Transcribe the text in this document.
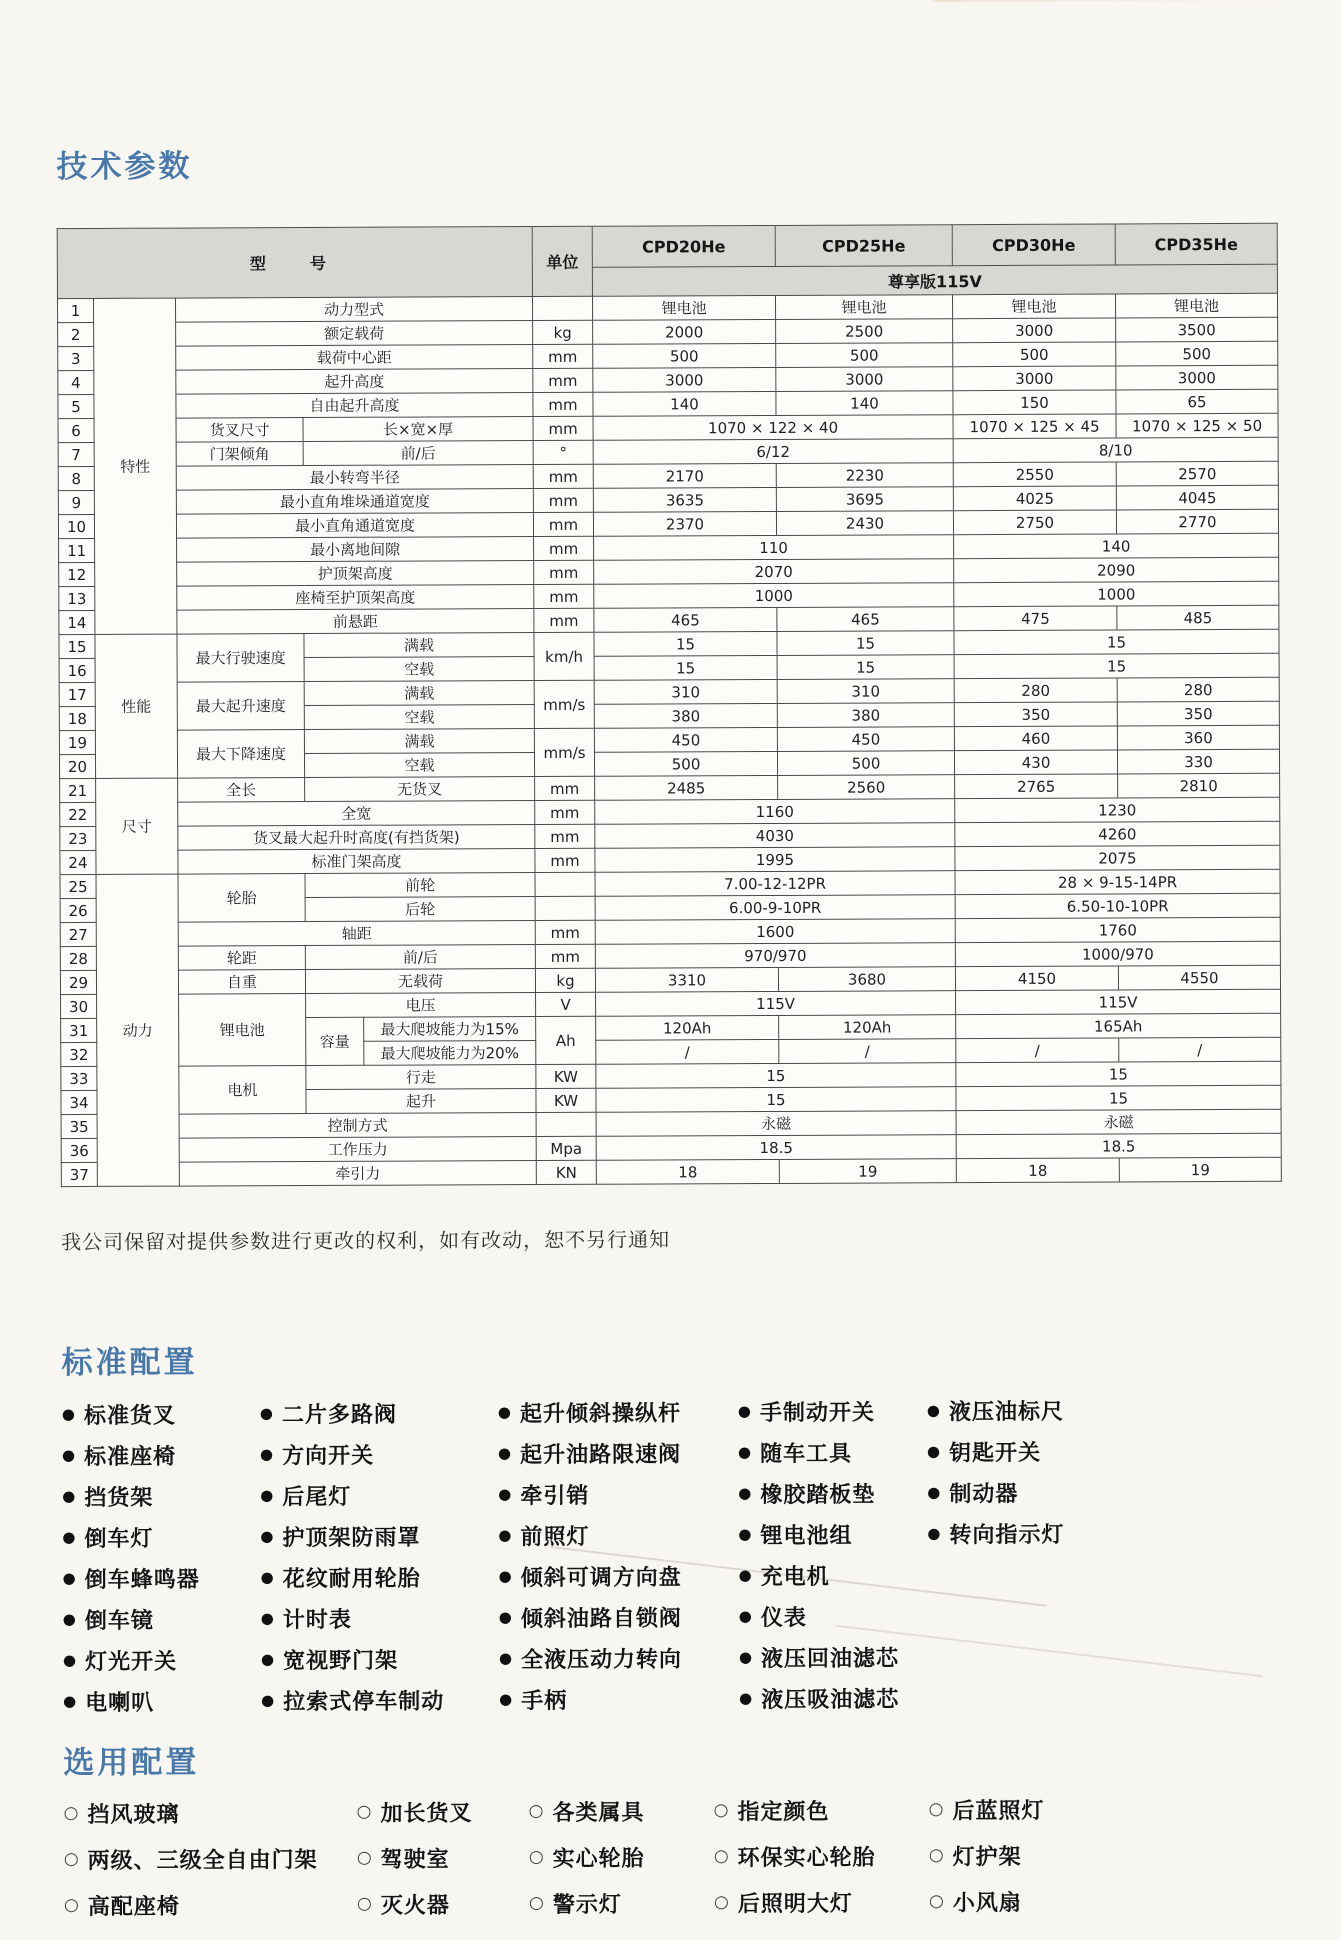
技术参数
型　号					单位	CPD20He	CPD25He	CPD30He	CPD35He
						尊享版115V			
1	特性	动力型式				锂电池	锂电池	锂电池	锂电池
2		额定载荷			kg	2000	2500	3000	3500
3		载荷中心距			mm	500	500	500	500
4		起升高度			mm	3000	3000	3000	3000
5		自由起升高度			mm	140	140	150	65
6		货叉尺寸	长×宽×厚		mm	1070 × 122 × 40		1070 × 125 × 45	1070 × 125 × 50
7		门架倾角	前/后		°	6/12		8/10	
8		最小转弯半径			mm	2170	2230	2550	2570
9		最小直角堆垛通道宽度			mm	3635	3695	4025	4045
10		最小直角通道宽度			mm	2370	2430	2750	2770
11		最小离地间隙			mm	110		140	
12		护顶架高度			mm	2070		2090	
13		座椅至护顶架高度			mm	1000		1000	
14		前悬距			mm	465	465	475	485
15	性能	最大行驶速度	满载		km/h	15	15	15	
16			空载			15	15	15	
17		最大起升速度	满载		mm/s	310	310	280	280
18			空载			380	380	350	350
19		最大下降速度	满载		mm/s	450	450	460	360
20			空载			500	500	430	330
21	尺寸	全长	无货叉		mm	2485	2560	2765	2810
22		全宽			mm	1160		1230	
23		货叉最大起升时高度(有挡货架)			mm	4030		4260	
24		标准门架高度			mm	1995		2075	
25	动力	轮胎	前轮			7.00-12-12PR		28 × 9-15-14PR	
26			后轮			6.00-9-10PR		6.50-10-10PR	
27		轴距			mm	1600		1760	
28		轮距	前/后		mm	970/970		1000/970	
29		自重	无载荷		kg	3310	3680	4150	4550
30		锂电池	电压		V	115V		115V	
31			容量	最大爬坡能力为15%	Ah	120Ah	120Ah	165Ah	
32				最大爬坡能力为20%		/	/	/	/
33		电机	行走		KW	15		15	
34			起升		KW	15		15	
35		控制方式				永磁		永磁	
36		工作压力			Mpa	18.5		18.5	
37		牵引力			KN	18	19	18	19

我公司保留对提供参数进行更改的权利，如有改动，恕不另行通知

标准配置
● 标准货叉
● 标准座椅
● 挡货架
● 倒车灯
● 倒车蜂鸣器
● 倒车镜
● 灯光开关
● 电喇叭
● 二片多路阀
● 方向开关
● 后尾灯
● 护顶架防雨罩
● 花纹耐用轮胎
● 计时表
● 宽视野门架
● 拉索式停车制动
● 起升倾斜操纵杆
● 起升油路限速阀
● 牵引销
● 前照灯
● 倾斜可调方向盘
● 倾斜油路自锁阀
● 全液压动力转向
● 手柄
● 手制动开关
● 随车工具
● 橡胶踏板垫
● 锂电池组
● 充电机
● 仪表
● 液压回油滤芯
● 液压吸油滤芯
● 液压油标尺
● 钥匙开关
● 制动器
● 转向指示灯
选用配置
○ 挡风玻璃
○ 两级、三级全自由门架
○ 高配座椅
○ 加长货叉
○ 驾驶室
○ 灭火器
○ 各类属具
○ 实心轮胎
○ 警示灯
○ 指定颜色
○ 环保实心轮胎
○ 后照明大灯
○ 后蓝照灯
○ 灯护架
○ 小风扇
